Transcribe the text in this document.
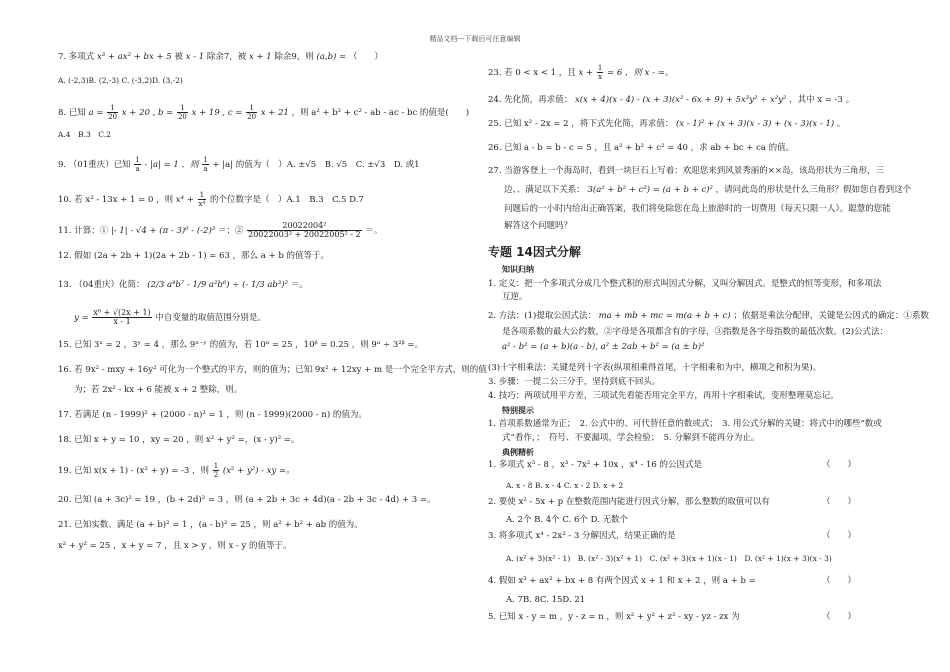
精品文档---下载后可任意编辑
7. 多项式 x³ + ax² + bx + 5 被 x - 1 除余7，被 x + 1 除余9，则 (a,b) = （　　）
A. (-2,3)B. (2,-3) C. (-3,2)D. (3,-2)
8. 已知 $a = \frac{1}{20}$ x + 20 , $b = \frac{1}{20}$ x + 19 , $c = \frac{1}{20}$ x + 21 ，则 a² + b² + c² - ab - ac - bc 的值是(　　)
A.4　B.3　C.2
9. （01重庆）已知 $\frac{1}{a} - |a| = 1$ ，则 $\frac{1}{a} + |a|$ 的值为（　）A. ±√5　B. √5　C. ±√3　D. 或1
10. 若 x² - 13x + 1 = 0 ，则 $x^4 + \frac{1}{\text{x⁴}}$ 的个位数字是（　）A.1　B.3　C.5 D.7
11. 计算：① |- 1| - √4 + (π - 3)⁰ - (-2)³ ＝；② $\frac{\text{20022004²}}{\text{20022003² + 20022005² - 2}}$ ＝。
12. 假如 (2a + 2b + 1)(2a + 2b - 1) = 63 ，那么 a + b 的值等于。
13. （04重庆）化简： (2/3 a⁴b⁷ - 1/9 a²b⁶) ÷ (- 1/3 ab³)² ＝。
$y = \frac{\text{x⁰ + √(2x + 1)}}{x - 1}$ 中自变量的取值范围分别是。
15. 已知 3ˣ = 2 ，3ʸ = 4 ，那么 9ˣ⁻ʸ 的值为，若 10ᵅ = 25 ，10ᵝ = 0.25 ，则 9ᵅ ÷ 3²ᵝ =。
16. 若 9x² - mxy + 16y² 可化为一个整式的平方，则的值为；已知 9x² + 12xy + m 是一个完全平方式，则的值
为；若 2x² - kx + 6 能被 x + 2 整除，则。
17. 若满足 (n - 1999)² + (2000 - n)² = 1 ，则 (n - 1999)(2000 - n) 的值为。
18. 已知 x + y = 10 ，xy = 20 ，则 x² + y² =，(x - y)² =。
19. 已知 x(x + 1) - (x² + y) = -3 ，则 $\frac{1}{2} (x^2 + y^2)$ - xy =。
20. 已知 (a + 3c)² = 19 ，(b + 2d)² = 3 ，则 (a + 2b + 3c + 4d)(a - 2b + 3c - 4d) + 3 =。
21. 已知实数、满足 (a + b)² = 1 ，(a - b)² = 25 ，则 a² + b² + ab 的值为。
x² + y² = 25 ，x + y = 7 ，且 x > y ，则 x - y 的值等于。
23. 若 0 < x < 1 ，且 $x + \frac{1}{x} = 6$ ，则 x - =。
24. 先化简，再求值： x(x + 4)(x - 4) - (x + 3)(x² - 6x + 9) + 5x³y² ÷ x²y² ，其中 x = -3 。
25. 已知 x² - 2x = 2 ，将下式先化简，再求值： (x - 1)² + (x + 3)(x - 3) + (x - 3)(x - 1) 。
26. 已知 a - b = b - c = 5 ，且 a² + b² + c² = 40 ，求 ab + bc + ca 的值。
27. 当游客登上一个海岛时，看到一块巨石上写着：欢迎您来到风景秀丽的××岛，该岛形状为三角形，三
边、、满足以下关系： 3(a² + b² + c²) = (a + b + c)² ，请问此岛的形状是什么三角形？假如您自看到这个
问题后的一小时内给出正确答案，我们将免除您在岛上旅游时的一切费用（每天只限一人）。聪慧的您能
解答这个问题吗？
专题 14因式分解
知识归纳
1. 定义：把一个多项式分成几个整式积的形式叫因式分解，又叫分解因式。是整式的恒等变形，和多项法
互逆。
2. 方法：(1)提取公因式法： ma + mb + mc = m(a + b + c) ；依据是乘法分配律，关键是公因式的确定：①系数
是各项系数的最大公约数，②字母是各项都含有的字母，③指数是各字母指数的最低次数。(2)公式法：
a² - b² = (a + b)(a - b), a² ± 2ab + b² = (a ± b)²
(3)十字相乘法：关键是列十字表(纵项相乘得首尾，十字相乘和为中，横项之和积为果)。
3. 步骤：一提二公三分手，坚持到底不回头。
4. 技巧：两项试用平方差，三项试先看能否用完全平方，再用十字相乘试，变形整理莫忘记。
特别提示
1. 首项系数通常为正；　2. 公式中的、可代替任意的数或式；　3. 用公式分解的关键：将式中的哪些“数或
式”看作，；　符号、不要漏项，学会检验；　5. 分解到不能再分为止。
典例精析
1. 多项式 x³ - 8 ，x³ - 7x² + 10x ，x⁴ - 16 的公因式是	（　　）
A. x - 8 B. x - 4 C. x - 2 D. x + 2
2. 要使 x² - 5x + p 在整数范围内能进行因式分解，那么整数的取值可以有	（　　）
A. 2个 B. 4个 C. 6个 D. 无数个
3. 将多项式 x⁴ - 2x² - 3 分解因式，结果正确的是	（　　）
A. (x² + 3)(x² - 1)　B. (x² - 3)(x² + 1)　C. (x² + 3)(x + 1)(x - 1)　D. (x² + 1)(x + 3)(x - 3)
4. 假如 x³ + ax² + bx + 8 有两个因式 x + 1 和 x + 2 ，则 a + b =	（　　）
A. 7B. 8C. 15D. 21
5. 已知 x - y = m ，y - z = n ，则 x² + y² + z² - xy - yz - zx 为	（　　）
